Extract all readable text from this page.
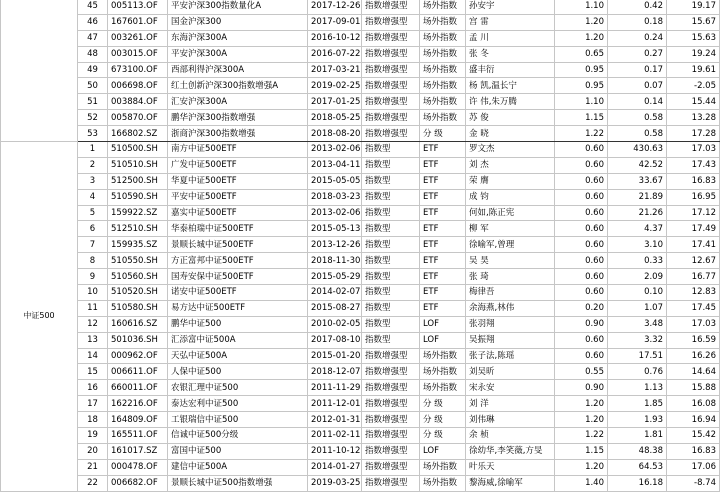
	45	005113.OF	平安沪深300指数量化A	2017-12-26	指数增强型	场外指数	孙安宇	1.10	0.42	19.17
	46	167601.OF	国金沪深300	2017-09-01	指数增强型	场外指数	宫 雷	1.20	0.18	15.67
	47	003261.OF	东海沪深300A	2016-10-12	指数增强型	场外指数	孟 川	1.20	0.24	15.63
	48	003015.OF	平安沪深300A	2016-07-22	指数增强型	场外指数	张 冬	0.65	0.27	19.24
	49	673100.OF	西部利得沪深300A	2017-03-21	指数增强型	场外指数	盛丰衍	0.95	0.17	19.61
	50	006698.OF	红土创新沪深300指数增强A	2019-02-25	指数增强型	场外指数	杨 凯,温长宁	0.95	0.07	-2.05
	51	003884.OF	汇安沪深300A	2017-01-25	指数增强型	场外指数	许 伟,朱万腾	1.10	0.14	15.44
	52	005870.OF	鹏华沪深300指数增强	2018-05-25	指数增强型	场外指数	苏 俊	1.15	0.58	13.28
	53	166802.SZ	浙商沪深300指数增强	2018-08-20	指数增强型	分 级	金 晓	1.22	0.58	17.28
中证500	1	510500.SH	南方中证500ETF	2013-02-06	指数型	ETF	罗文杰	0.60	430.63	17.03
	2	510510.SH	广发中证500ETF	2013-04-11	指数型	ETF	刘 杰	0.60	42.52	17.43
	3	512500.SH	华夏中证500ETF	2015-05-05	指数型	ETF	荣 膺	0.60	33.67	16.83
	4	510590.SH	平安中证500ETF	2018-03-23	指数型	ETF	成 钧	0.60	21.89	16.95
	5	159922.SZ	嘉实中证500ETF	2013-02-06	指数型	ETF	何如,陈正宪	0.60	21.26	17.12
	6	512510.SH	华泰柏瑞中证500ETF	2015-05-13	指数型	ETF	柳 军	0.60	4.37	17.49
	7	159935.SZ	景顺长城中证500ETF	2013-12-26	指数型	ETF	徐喻军,曾理	0.60	3.10	17.41
	8	510550.SH	方正富邦中证500ETF	2018-11-30	指数型	ETF	吴 昊	0.60	0.33	12.67
	9	510560.SH	国寿安保中证500ETF	2015-05-29	指数型	ETF	张 琦	0.60	2.09	16.77
	10	510520.SH	诺安中证500ETF	2014-02-07	指数型	ETF	梅律吾	0.60	0.10	12.83
	11	510580.SH	易方达中证500ETF	2015-08-27	指数型	ETF	余海燕,林伟	0.20	1.07	17.45
	12	160616.SZ	鹏华中证500	2010-02-05	指数型	LOF	张羽翔	0.90	3.48	17.03
	13	501036.SH	汇添富中证500A	2017-08-10	指数型	LOF	吴振翔	0.60	3.32	16.59
	14	000962.OF	天弘中证500A	2015-01-20	指数增强型	场外指数	张子法,陈瑶	0.60	17.51	16.26
	15	006611.OF	人保中证500	2018-12-07	指数增强型	场外指数	刘吴昕	0.55	0.76	14.64
	16	660011.OF	农银汇理中证500	2011-11-29	指数增强型	场外指数	宋永安	0.90	1.13	15.88
	17	162216.OF	泰达宏利中证500	2011-12-01	指数增强型	分 级	刘 洋	1.20	1.85	16.08
	18	164809.OF	工银瑞信中证500	2012-01-31	指数增强型	分 级	刘伟琳	1.20	1.93	16.94
	19	165511.OF	信诚中证500分级	2011-02-11	指数增强型	分 级	余 桢	1.22	1.81	15.42
	20	161017.SZ	富国中证500	2011-10-12	指数增强型	LOF	徐幼华,李笑薇,方旻	1.15	48.38	16.83
	21	000478.OF	建信中证500A	2014-01-27	指数增强型	场外指数	叶乐天	1.20	64.53	17.06
	22	006682.OF	景顺长城中证500指数增强	2019-03-25	指数增强型	场外指数	黎海威,徐喻军	1.40	16.18	-8.74
